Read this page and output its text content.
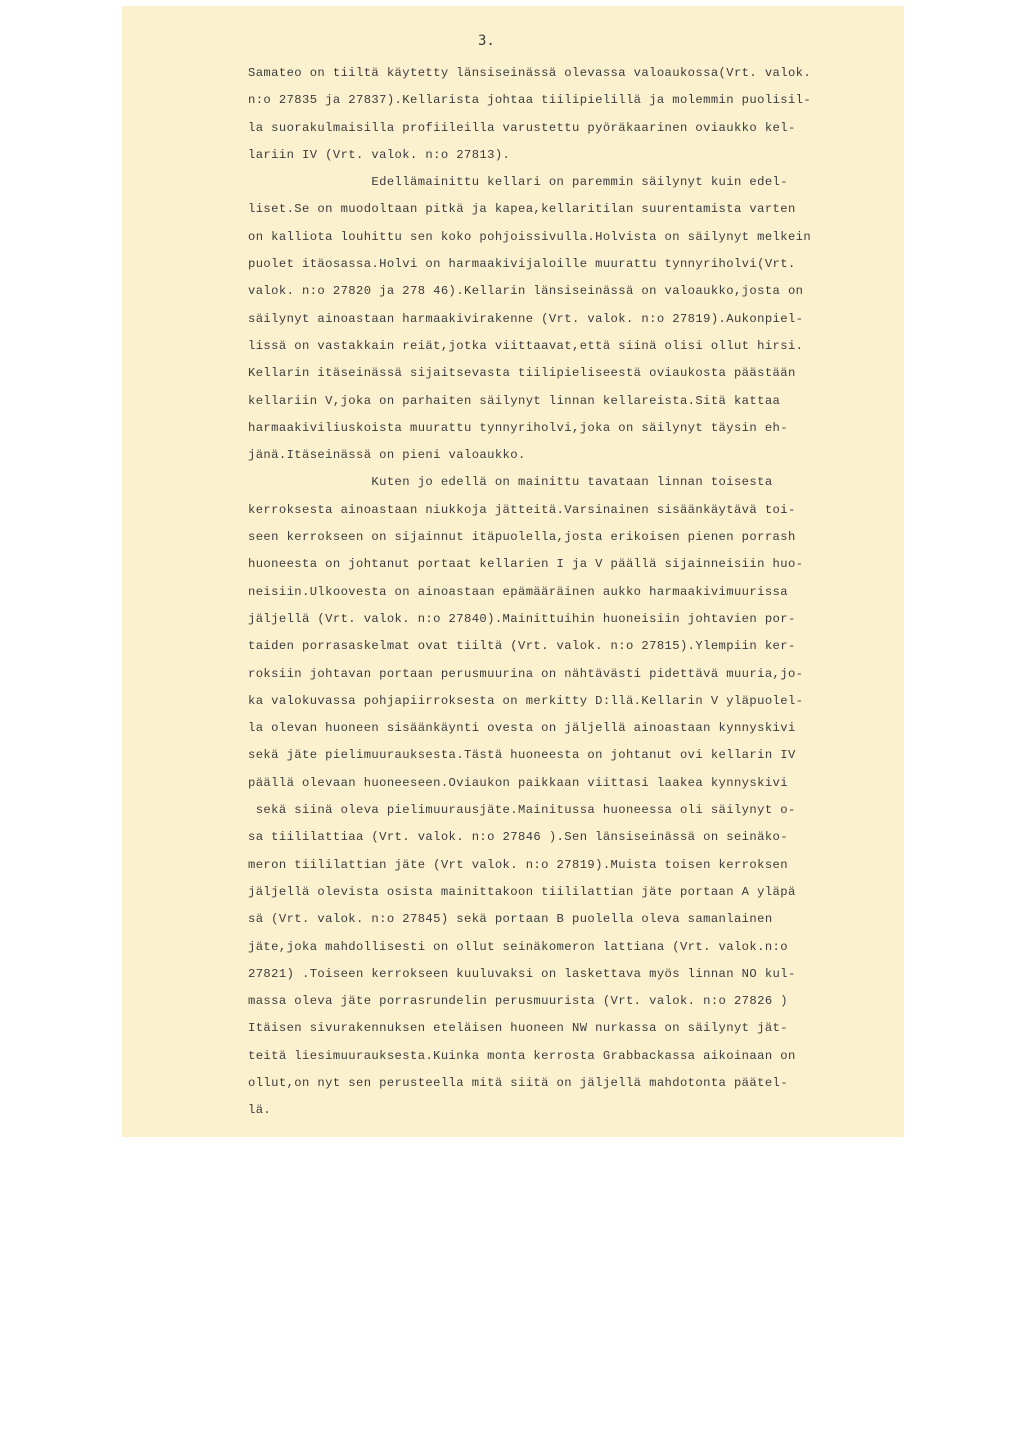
3.
Samateo on tiiltä käytetty länsiseinässä olevassa valoaukossa(Vrt. valok.
n:o 27835 ja 27837).Kellarista johtaa tiilipielillä ja molemmin puolisil-
la suorakulmaisilla profiileilla varustettu pyöräkaarinen oviaukko kel-
lariin IV (Vrt. valok. n:o 27813).
Edellämainittu kellari on paremmin säilynyt kuin edel-
liset.Se on muodoltaan pitkä ja kapea,kellaritilan suurentamista varten
on kalliota louhittu sen koko pohjoissivulla.Holvista on säilynyt melkein
puolet itäosassa.Holvi on harmaakivijaloille muurattu tynnyriholvi(Vrt.
valok. n:o 27820 ja 278 46).Kellarin länsiseinässä on valoaukko,josta on
säilynyt ainoastaan harmaakivirakenne (Vrt. valok. n:o 27819).Aukonpiel-
lissä on vastakkain reiät,jotka viittaavat,että siinä olisi ollut hirsi.
Kellarin itäseinässä sijaitsevasta tiilipieliseestä oviaukosta päästään
kellariin V,joka on parhaiten säilynyt linnan kellareista.Sitä kattaa
harmaakiviliuskoista muurattu tynnyriholvi,joka on säilynyt täysin eh-
jänä.Itäseinässä on pieni valoaukko.
Kuten jo edellä on mainittu tavataan linnan toisesta
kerroksesta ainoastaan niukkoja jätteitä.Varsinainen sisäänkäytävä toi-
seen kerrokseen on sijainnut itäpuolella,josta erikoisen pienen porrash
huoneesta on johtanut portaat kellarien I ja V päällä sijainneisiin huo-
neisiin.Ulkoovesta on ainoastaan epämääräinen aukko harmaakivimuurissa
jäljellä (Vrt. valok. n:o 27840).Mainittuihin huoneisiin johtavien por-
taiden porrasaskelmat ovat tiiltä (Vrt. valok. n:o 27815).Ylempiin ker-
roksiin johtavan portaan perusmuurina on nähtävästi pidettävä muuria,jo-
ka valokuvassa pohjapiirroksesta on merkitty D:llä.Kellarin V yläpuolel-
la olevan huoneen sisäänkäynti ovesta on jäljellä ainoastaan kynnyskivi
sekä jäte pielimuurauksesta.Tästä huoneesta on johtanut ovi kellarin IV
päällä olevaan huoneeseen.Oviaukon paikkaan viittasi laakea kynnyskivi
sekä siinä oleva pielimuurausjäte.Mainitussa huoneessa oli säilynyt o-
sa tiililattiaa (Vrt. valok. n:o 27846 ).Sen länsiseinässä on seinäko-
meron tiililattian jäte (Vrt valok. n:o 27819).Muista toisen kerroksen
jäljellä olevista osista mainittakoon tiililattian jäte portaan A yläpä
sä (Vrt. valok. n:o 27845) sekä portaan B puolella oleva samanlainen
jäte,joka mahdollisesti on ollut seinäkomeron lattiana (Vrt. valok.n:o
27821) .Toiseen kerrokseen kuuluvaksi on laskettava myös linnan NO kul-
massa oleva jäte porrasrundelin perusmuurista (Vrt. valok. n:o 27826 )
Itäisen sivurakennuksen eteläisen huoneen NW nurkassa on säilynyt jät-
teitä liesimuurauksesta.Kuinka monta kerrosta Grabbackassa aikoinaan on
ollut,on nyt sen perusteella mitä siitä on jäljellä mahdotonta päätel-
lä.
